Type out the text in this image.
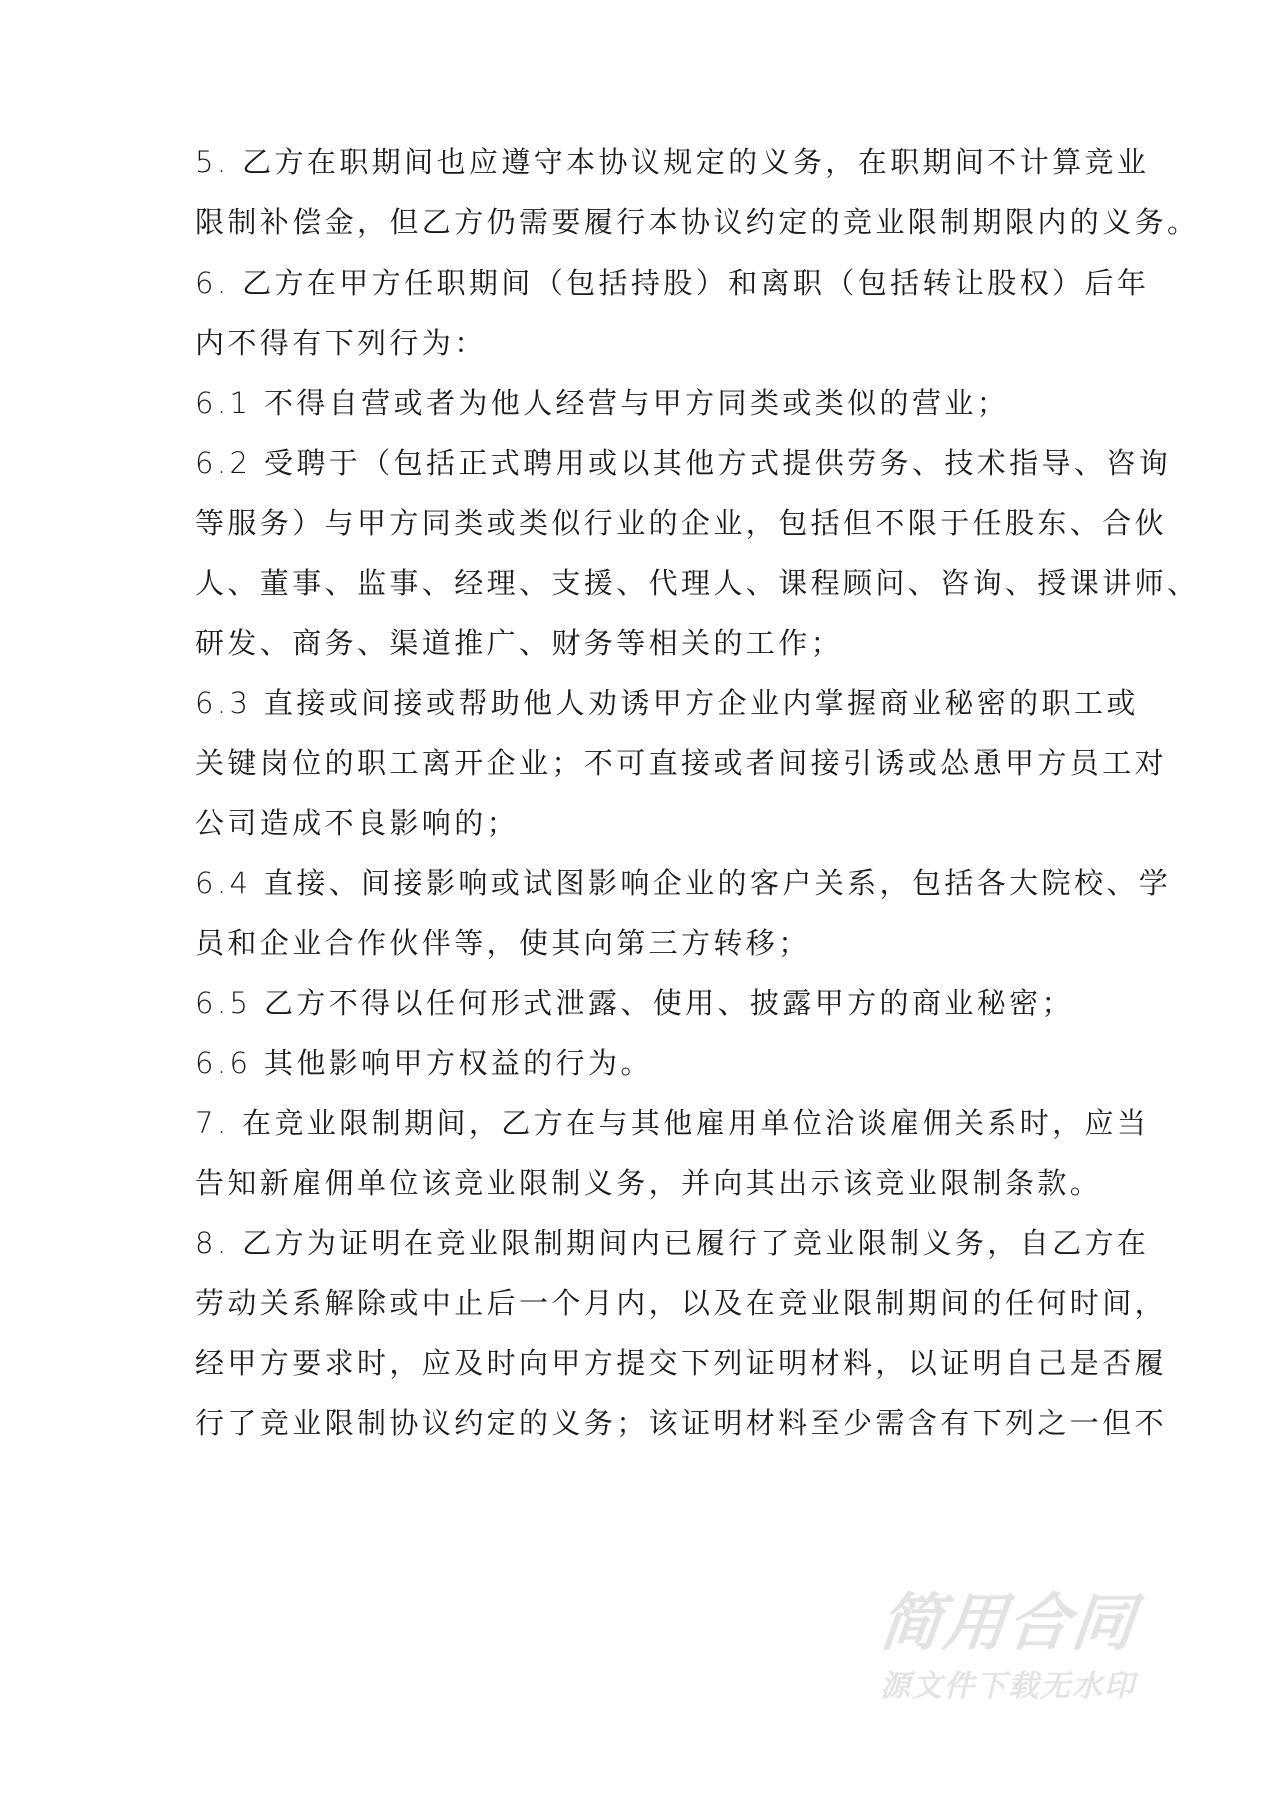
5. 乙方在职期间也应遵守本协议规定的义务，在职期间不计算竞业
限制补偿金，但乙方仍需要履行本协议约定的竞业限制期限内的义务。
6. 乙方在甲方任职期间（包括持股）和离职（包括转让股权）后年
内不得有下列行为：
6.1 不得自营或者为他人经营与甲方同类或类似的营业；
6.2 受聘于（包括正式聘用或以其他方式提供劳务、技术指导、咨询
等服务）与甲方同类或类似行业的企业，包括但不限于任股东、合伙
人、董事、监事、经理、支援、代理人、课程顾问、咨询、授课讲师、
研发、商务、渠道推广、财务等相关的工作；
6.3 直接或间接或帮助他人劝诱甲方企业内掌握商业秘密的职工或
关键岗位的职工离开企业；不可直接或者间接引诱或怂恿甲方员工对
公司造成不良影响的；
6.4 直接、间接影响或试图影响企业的客户关系，包括各大院校、学
员和企业合作伙伴等，使其向第三方转移；
6.5 乙方不得以任何形式泄露、使用、披露甲方的商业秘密；
6.6 其他影响甲方权益的行为。
7. 在竞业限制期间，乙方在与其他雇用单位洽谈雇佣关系时，应当
告知新雇佣单位该竞业限制义务，并向其出示该竞业限制条款。
8. 乙方为证明在竞业限制期间内已履行了竞业限制义务，自乙方在
劳动关系解除或中止后一个月内，以及在竞业限制期间的任何时间，
经甲方要求时，应及时向甲方提交下列证明材料，以证明自己是否履
行了竞业限制协议约定的义务；该证明材料至少需含有下列之一但不
简用合同
源文件下载无水印
